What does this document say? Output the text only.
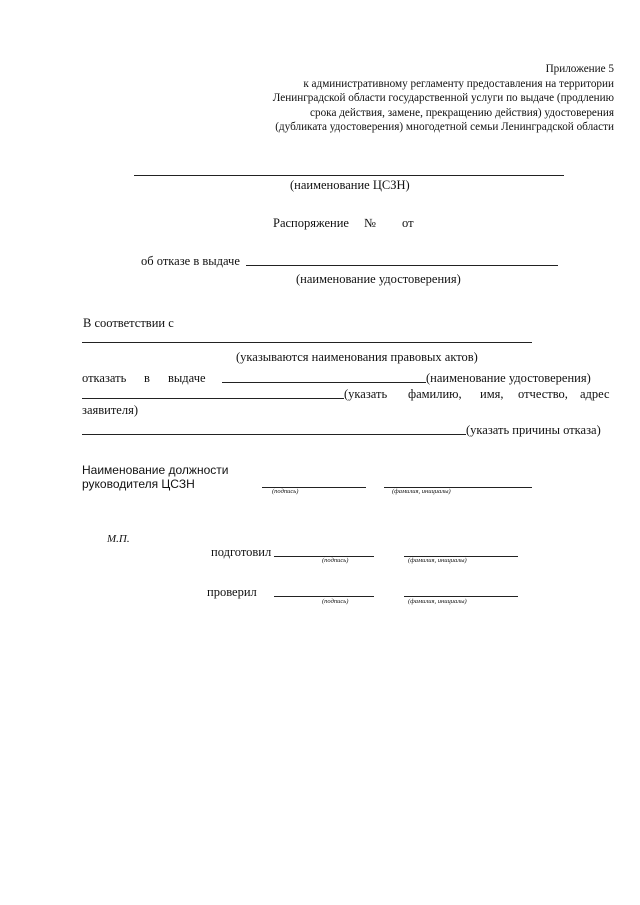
Приложение 5
к административному регламенту предоставления на территории
Ленинградской области государственной услуги по выдаче (продлению
срока действия, замене, прекращению действия) удостоверения
(дубликата удостоверения) многодетной семьи Ленинградской области
(наименование ЦСЗН)
Распоряжение № от
об отказе в выдаче
(наименование удостоверения)
В соответствии с
(указываются наименования правовых актов)
отказать в выдаче	(наименование удостоверения)
(указать фамилию, имя, отчество, адрес
заявителя)
(указать причины отказа)
Наименование должности
руководителя ЦСЗН
(подпись)	(фамилия, инициалы)
М.П.
подготовил
(подпись)	(фамилия, инициалы)
проверил
(подпись)	(фамилия, инициалы)
